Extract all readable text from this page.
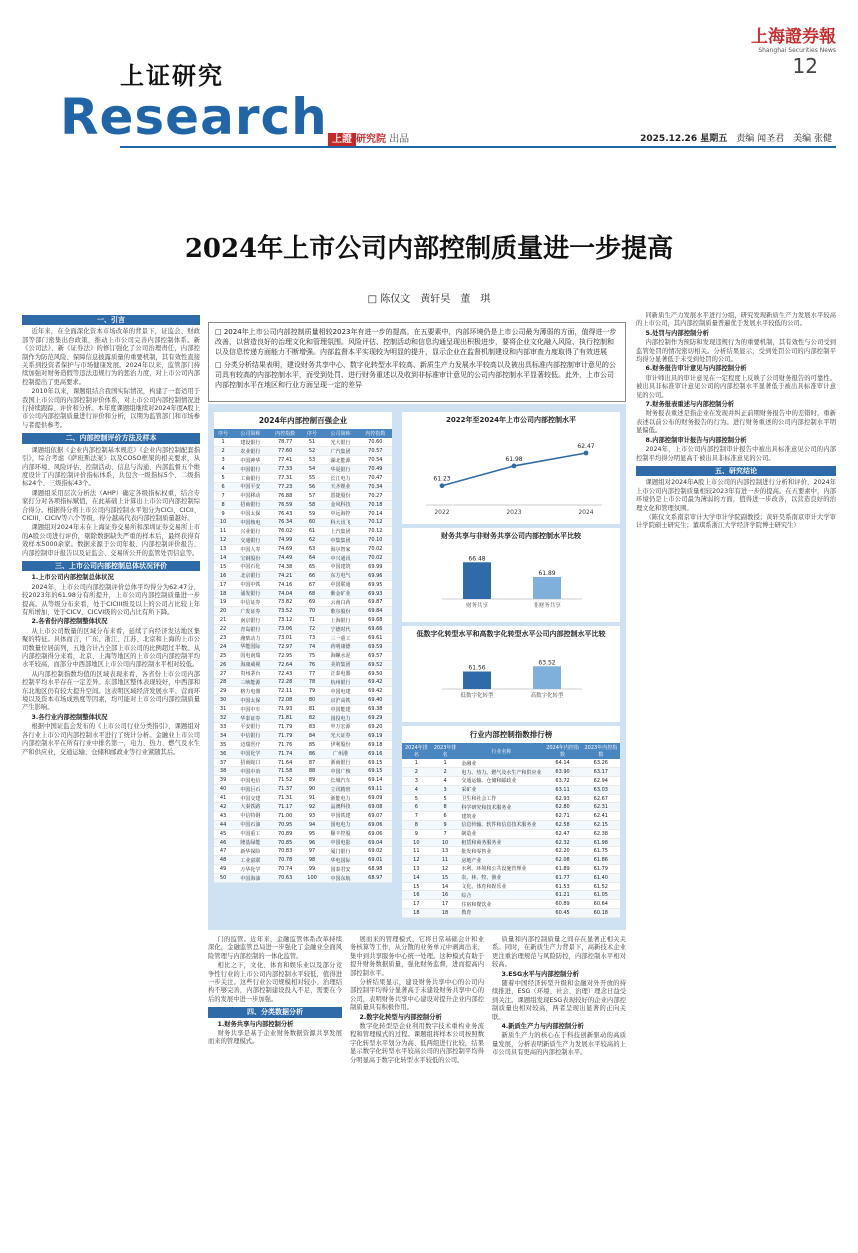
上证研究
Research 上證 研究院 出品
上海證券報
Shanghai Securities News
12
2025.12.26 星期五　 责编 闻圣君　 美编 张健
2024年上市公司内部控制质量进一步提高
□ 陈仅文　黄轩昊　董　琪
一、引言

近年来，在全面深化资本市场改革的背景下，证监会、财政部等部门密集出台政策，推动上市公司完善内部控制体系。新《公司法》、新《证券法》的修订强化了公司治理责任，内部控制作为防范风险、保障信息披露质量的重要机制，其有效性直接关系到投资者保护与市场健康发展。2024年以来，监管部门持续加强对财务造假等违法违规行为的惩治力度，对上市公司内部控制提出了更高要求。

2010年以来，课题组结合我国实际情况，构建了一套适用于我国上市公司的内部控制评价体系，对上市公司内部控制情况进行持续跟踪、评价和分析。本年度课题组继续对2024年度A股上市公司内部控制质量进行评价和分析，以期为监管部门和市场参与者提供参考。

二、内部控制评价方法及样本

课题组依据《企业内部控制基本规范》《企业内部控制配套指引》，综合考虑《萨班斯法案》以及COSO框架的相关要求，从内部环境、风险评估、控制活动、信息与沟通、内部监督五个维度设计了内部控制评价指标体系，共包含一级指标5个、二级指标24个、三级指标43个。

课题组采用层次分析法（AHP）确定各级指标权重，结合专家打分对各项指标赋值，在此基础上计算出上市公司内部控制综合得分。根据得分将上市公司内部控制水平划分为CICI、CICII、CICIII、CICIV等六个等级，得分越高代表内部控制质量越好。

课题组对2024年末在上海证券交易所和深圳证券交易所上市的A股公司进行评价，剔除数据缺失严重的样本后，最终获得有效样本5000余家。数据来源于公司年报、内部控制评价报告、内部控制审计报告以及证监会、交易所公开的监管处罚信息等。

三、上市公司内部控制总体状况评价

1.上市公司内部控制总体状况

2024年，上市公司内部控制评价总体平均得分为62.47分，较2023年的61.98分有所提升，上市公司内部控制质量进一步提高。从等级分布来看，处于CICIII级及以上的公司占比较上年有所增加，处于CICV、CICVI级的公司占比有所下降。

2.各省份内部控制整体状况

从上市公司数量的区域分布来看，延续了向经济发达地区集聚的特征。具体而言，广东、浙江、江苏、北京和上海的上市公司数量位居前列，五地合计占全部上市公司的比例超过半数。从内部控制得分来看，北京、上海等地区的上市公司内部控制平均水平较高，而部分中西部地区上市公司内部控制水平相对较低。

从内部控制指数均值的区域表现来看，各省份上市公司内部控制平均水平存在一定差异。东部地区整体表现较好，中西部和东北地区仍有较大提升空间。这表明区域经济发展水平、营商环境以及资本市场成熟度等因素，均可能对上市公司内部控制质量产生影响。

3.各行业内部控制整体状况

根据中国证监会发布的《上市公司行业分类指引》，课题组对各行业上市公司内部控制水平进行了统计分析。金融业上市公司内部控制水平在所有行业中排名第一，电力、热力、燃气及水生产和供应业，交通运输、仓储和邮政业等行业紧随其后。

门的监管。近年来，金融监管体系改革持续深化，金融监管总局进一步强化了金融业全面风险管理与内部控制的一体化监管。

相比之下，文化、体育和娱乐业以及部分竞争性行业的上市公司内部控制水平较低，值得进一步关注。这些行业公司规模相对较小、治理结构不够完善，内部控制建设投入不足，需要在今后的发展中进一步加强。

四、分类数据分析

1.财务共享与内部控制分析

财务共享是基于企业财务数据资源共享发展而来的管理模式。

展而来的管理模式，它将日常基础会计和业务核算等工作，从分散的业务单元中剥离出来，集中到共享服务中心统一处理。这种模式有助于提升财务数据质量，强化财务监督，进而提高内部控制水平。

分析结果显示，建设财务共享中心的公司内部控制平均得分显著高于未建设财务共享中心的公司，表明财务共享中心建设对提升企业内部控制质量具有积极作用。

2.数字化转型与内部控制分析

数字化转型是企业利用数字技术重构业务流程和管理模式的过程。课题组将样本公司按照数字化转型水平划分为高、低两组进行比较，结果显示数字化转型水平较高公司的内部控制平均得分明显高于数字化转型水平较低的公司。

质量和内部控制质量之间存在显著正相关关系。同时，在新质生产力背景下，高新技术企业更注重治理规范与风险防控，内部控制水平相对较高。

3.ESG水平与内部控制分析

随着中国经济转型升级和金融对外开放的持续推进，ESG（环境、社会、治理）理念日益受到关注。课题组发现ESG表现较好的企业内部控制质量也相对较高，两者呈现出显著的正向关联。

4.新质生产力与内部控制分析

新质生产力的核心在于科技创新驱动的高质量发展，分析表明新质生产力发展水平较高的上市公司具有更高的内部控制水平。

同新质生产力发展水平进行分组，研究发现新质生产力发展水平较高的上市公司，其内部控制质量普遍优于发展水平较低的公司。

5.处罚与内部控制分析

内部控制作为预防和发现违规行为的重要机制，其有效性与公司受到监管处罚的情况密切相关。分析结果显示，受到处罚公司的内部控制平均得分显著低于未受到处罚的公司。

6.财务报告审计意见与内部控制分析

审计师出具的审计意见在一定程度上反映了公司财务报告的可靠性。被出具非标准审计意见公司的内部控制水平显著低于被出具标准审计意见的公司。

7.财务报表重述与内部控制分析

财务报表重述是指企业在发现并纠正前期财务报告中的差错时，重新表述以前公布的财务报告的行为。进行财务重述的公司内部控制水平明显偏低。

8.内部控制审计报告与内部控制分析

2024年，上市公司内部控制审计报告中被出具标准意见公司的内部控制平均得分明显高于被出具非标准意见的公司。

五、研究结论

课题组对2024年A股上市公司的内部控制进行分析和评价，2024年上市公司内部控制质量相较2023年有进一步的提高。在五要素中，内部环境仍是上市公司最为薄弱的方面，值得进一步改善，以营造良好的治理文化和管理氛围。

（陈仅文系南京审计大学审计学院副教授；黄轩昊系南京审计大学审计学院硕士研究生；董琪系浙江大学经济学院博士研究生）

□ 2024年上市公司内部控制质量相较2023年有进一步的提高。在五要素中，内部环境仍是上市公司最为薄弱的方面，值得进一步改善，以营造良好的治理文化和管理氛围。风险评估、控制活动和信息沟通呈现出积极进步，要将企业文化融入风险、执行控制和以及信息传递方面能力不断增强。内部监督本平实现较为明显的提升，显示企业在监督机制建设和内部审查力度取得了有效进展

□ 分类分析结果表明，建设财务共享中心、数字化转型水平较高、新质生产力发展水平较高以及被出具标准内部控制审计意见的公司具有较高的内部控制水平，而受到处罚、进行财务重述以及收到非标准审计意见的公司内部控制水平显著较低。此外，上市公司内部控制水平在地区和行业方面呈现一定的差异

2024年内部控制百强企业
序号	公司简称	内控指数	序号	公司简称	内控指数
1	建设银行	78.77	51	光大银行	70.60
2	农业银行	77.60	52	广汽集团	70.57
3	中国神华	77.41	53	湖北能源	70.54
4	中国银行	77.33	54	华夏银行	70.49
5	工商银行	77.31	55	长江电力	70.47
6	中国平安	77.23	56	天齐锂业	70.34
7	中国移动	76.88	57	恩捷股份	70.27
8	招商银行	76.59	58	金风科技	70.18
9	中国太保	76.43	59	中远海控	70.14
10	中国核电	76.34	60	科大讯飞	70.12
11	兴业银行	76.02	61	上汽集团	70.12
12	交通银行	74.99	62	中集集团	70.10
13	中国人寿	74.69	63	海尔智家	70.02
14	宝钢股份	74.49	64	中兴通讯	70.02
15	中国石化	74.38	65	中国建筑	69.99
16	北京银行	74.21	66	东方电气	69.96
17	中国中铁	74.16	67	中国联通	69.95
18	浦发银行	74.04	68	紫金矿业	69.93
19	中信证券	73.82	69	云南白药	69.87
20	广发证券	73.52	70	歌尔股份	69.84
21	南京银行	73.12	71	上海银行	69.68
22	青岛银行	73.06	72	宁德时代	69.66
23	潍柴动力	73.01	73	三一重工	69.61
24	华能国际	72.97	74	药明康德	69.59
25	国电南瑞	72.95	75	海螺水泥	69.57
26	海康威视	72.64	76	美的集团	69.52
27	贵州茅台	72.43	77	正泰电器	69.50
28	三峡能源	72.28	78	杭州银行	69.42
29	格力电器	72.11	79	中国电建	69.42
30	中国太保	72.08	80	京沪高铁	69.40
31	中国中车	71.93	81	中国能建	69.38
32	华泰证券	71.81	82	国投电力	69.29
33	平安银行	71.79	83	申万宏源	69.20
34	中信银行	71.79	84	光大证券	69.19
35	迈瑞医疗	71.76	85	伊利股份	69.18
36	中国化学	71.74	86	广州港	69.16
37	招商蛇口	71.64	87	浙商银行	69.15
38	中国中冶	71.58	88	中国广核	69.15
39	中国电信	71.52	89	长城汽车	69.14
40	中国巨石	71.37	90	立讯精密	69.11
41	中国交建	71.31	91	浙能电力	69.09
42	大秦铁路	71.17	92	晶澳科技	69.08
43	中信特钢	71.00	93	中国铁建	69.07
44	中国石油	70.95	94	国电电力	69.06
45	中国重工	70.89	95	顺丰控股	69.06
46	隆基绿能	70.85	96	中国电影	69.04
47	新华保险	70.83	97	厦门银行	69.02
48	工业富联	70.78	98	华电国际	69.01
49	万华化学	70.74	99	国泰君安	68.98
50	中国海油	70.63	100	中国东航	68.97
2022年至2024年上市公司内部控制水平
61.23
2022
61.98
2023
62.47
2024
财务共享与非财务共享公司内部控制水平比较
66.48
财务共享
61.89
非财务共享
低数字化转型水平和高数字化转型水平公司内部控制水平比较
61.56
低数字化转型
63.52
高数字化转型
行业内部控制指数排行榜
2024年排名	2023年排名	行业名称	2024年内控指数	2023年内控指数
1	1	金融业	64.14	63.26
2	2	电力、热力、燃气及水生产和供应业	63.90	63.17
3	4	交通运输、仓储和邮政业	63.72	62.94
4	3	采矿业	63.11	63.03
5	5	卫生和社会工作	62.93	62.67
6	8	科学研究和技术服务业	62.80	62.31
7	6	建筑业	62.71	62.41
8	9	信息传输、软件和信息技术服务业	62.58	62.15
9	7	制造业	62.47	62.38
10	10	租赁和商务服务业	62.32	61.98
11	13	批发和零售业	62.20	61.75
12	11	房地产业	62.08	61.86
13	12	水利、环境和公共设施管理业	61.89	61.79
14	15	农、林、牧、渔业	61.77	61.40
15	14	文化、体育和娱乐业	61.53	61.52
16	16	综合	61.21	61.05
17	17	住宿和餐饮业	60.89	60.64
18	18	教育	60.45	60.18
